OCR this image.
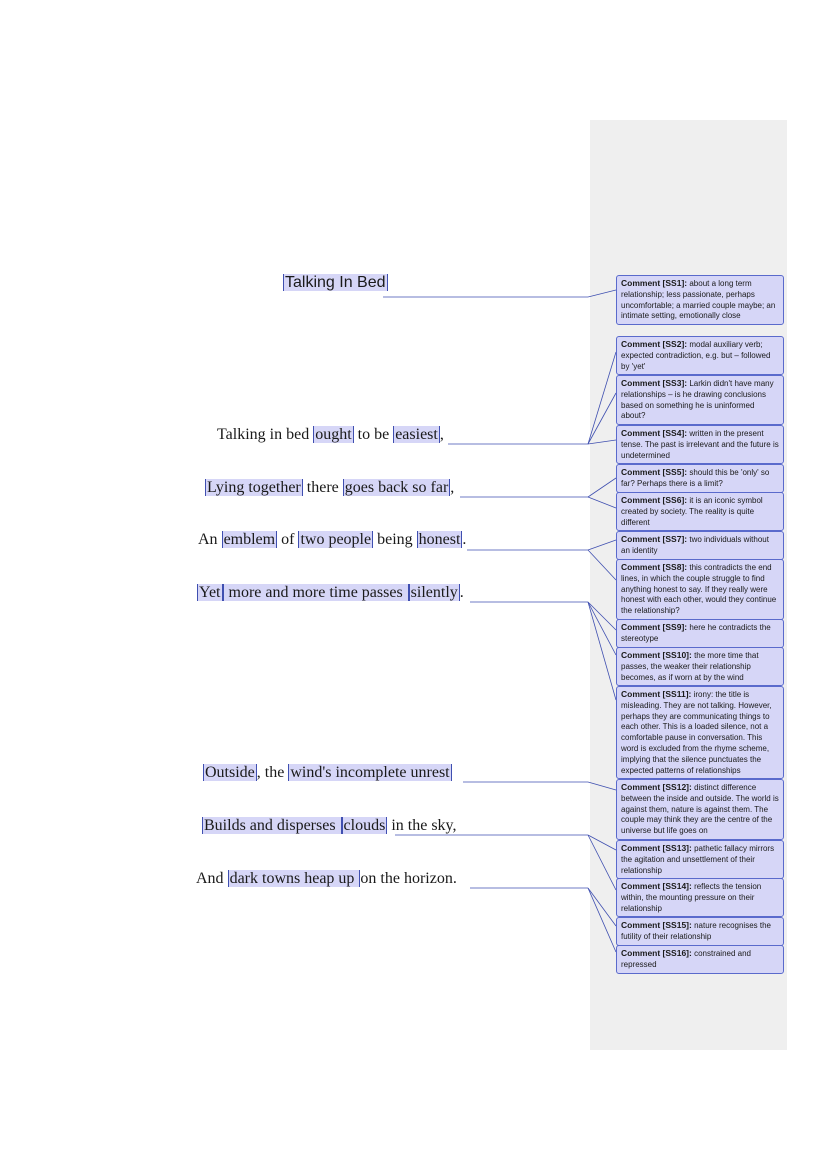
Talking In Bed
Talking in bed ought to be easiest ,
Lying together there goes back so far ,
An emblem of two people being honest .
Yet more and more time passes silently .
Outside , the wind's incomplete unrest
Builds and disperses clouds in the sky,
And dark towns heap up on the horizon.
Comment [SS1]: about a long term relationship; less passionate, perhaps uncomfortable; a married couple maybe; an intimate setting, emotionally close
Comment [SS2]: modal auxiliary verb; expected contradiction, e.g. but – followed by 'yet'
Comment [SS3]: Larkin didn't have many relationships – is he drawing conclusions based on something he is uninformed about?
Comment [SS4]: written in the present tense. The past is irrelevant and the future is undetermined
Comment [SS5]: should this be 'only' so far? Perhaps there is a limit?
Comment [SS6]: it is an iconic symbol created by society. The reality is quite different
Comment [SS7]: two individuals without an identity
Comment [SS8]: this contradicts the end lines, in which the couple struggle to find anything honest to say. If they really were honest with each other, would they continue the relationship?
Comment [SS9]: here he contradicts the stereotype
Comment [SS10]: the more time that passes, the weaker their relationship becomes, as if worn at by the wind
Comment [SS11]: irony: the title is misleading. They are not talking. However, perhaps they are communicating things to each other. This is a loaded silence, not a comfortable pause in conversation. This word is excluded from the rhyme scheme, implying that the silence punctuates the expected patterns of relationships
Comment [SS12]: distinct difference between the inside and outside. The world is against them, nature is against them. The couple may think they are the centre of the universe but life goes on
Comment [SS13]: pathetic fallacy mirrors the agitation and unsettlement of their relationship
Comment [SS14]: reflects the tension within, the mounting pressure on their relationship
Comment [SS15]: nature recognises the futility of their relationship
Comment [SS16]: constrained and repressed
